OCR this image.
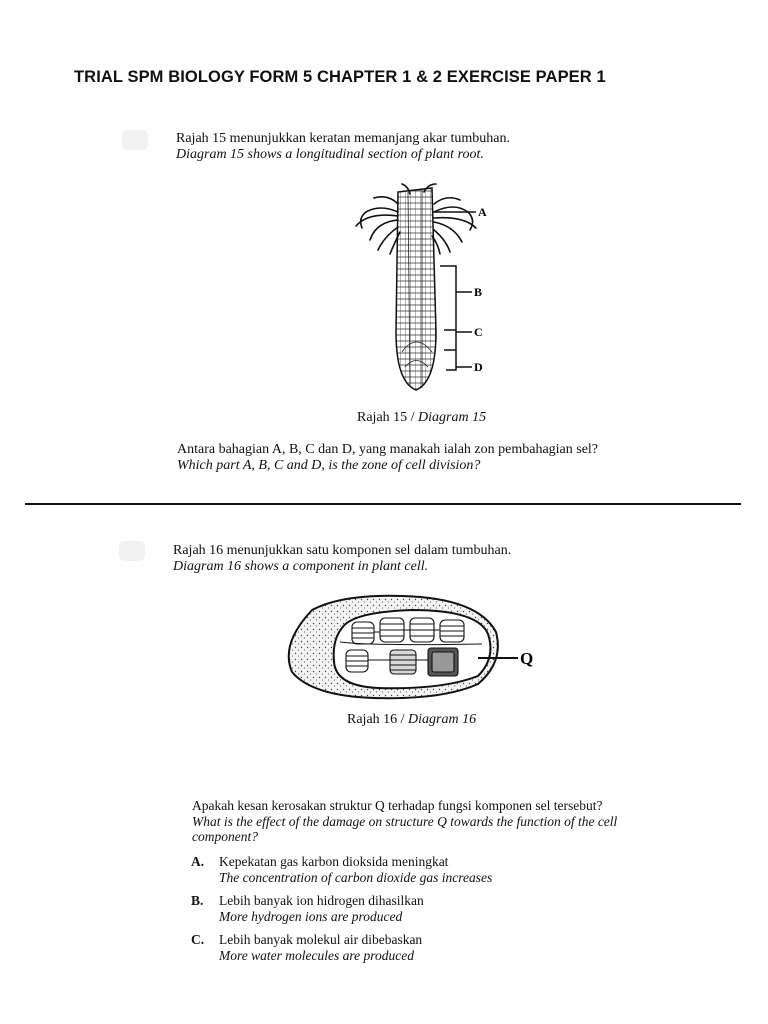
TRIAL SPM BIOLOGY FORM 5 CHAPTER 1 & 2 EXERCISE PAPER 1
Rajah 15 menunjukkan keratan memanjang akar tumbuhan.
Diagram 15 shows a longitudinal section of plant root.
A
B
C
D
Rajah 15 / Diagram 15
Antara bahagian A, B, C dan D, yang manakah ialah zon pembahagian sel?
Which part A, B, C and D, is the zone of cell division?
Rajah 16 menunjukkan satu komponen sel dalam tumbuhan.
Diagram 16 shows a component in plant cell.
Q
Rajah 16 / Diagram 16
Apakah kesan kerosakan struktur Q terhadap fungsi komponen sel tersebut?
What is the effect of the damage on structure Q towards the function of the cell
component?
A.	Kepekatan gas karbon dioksida meningkat
The concentration of carbon dioxide gas increases
B.	Lebih banyak ion hidrogen dihasilkan
More hydrogen ions are produced
C.	Lebih banyak molekul air dibebaskan
More water molecules are produced
